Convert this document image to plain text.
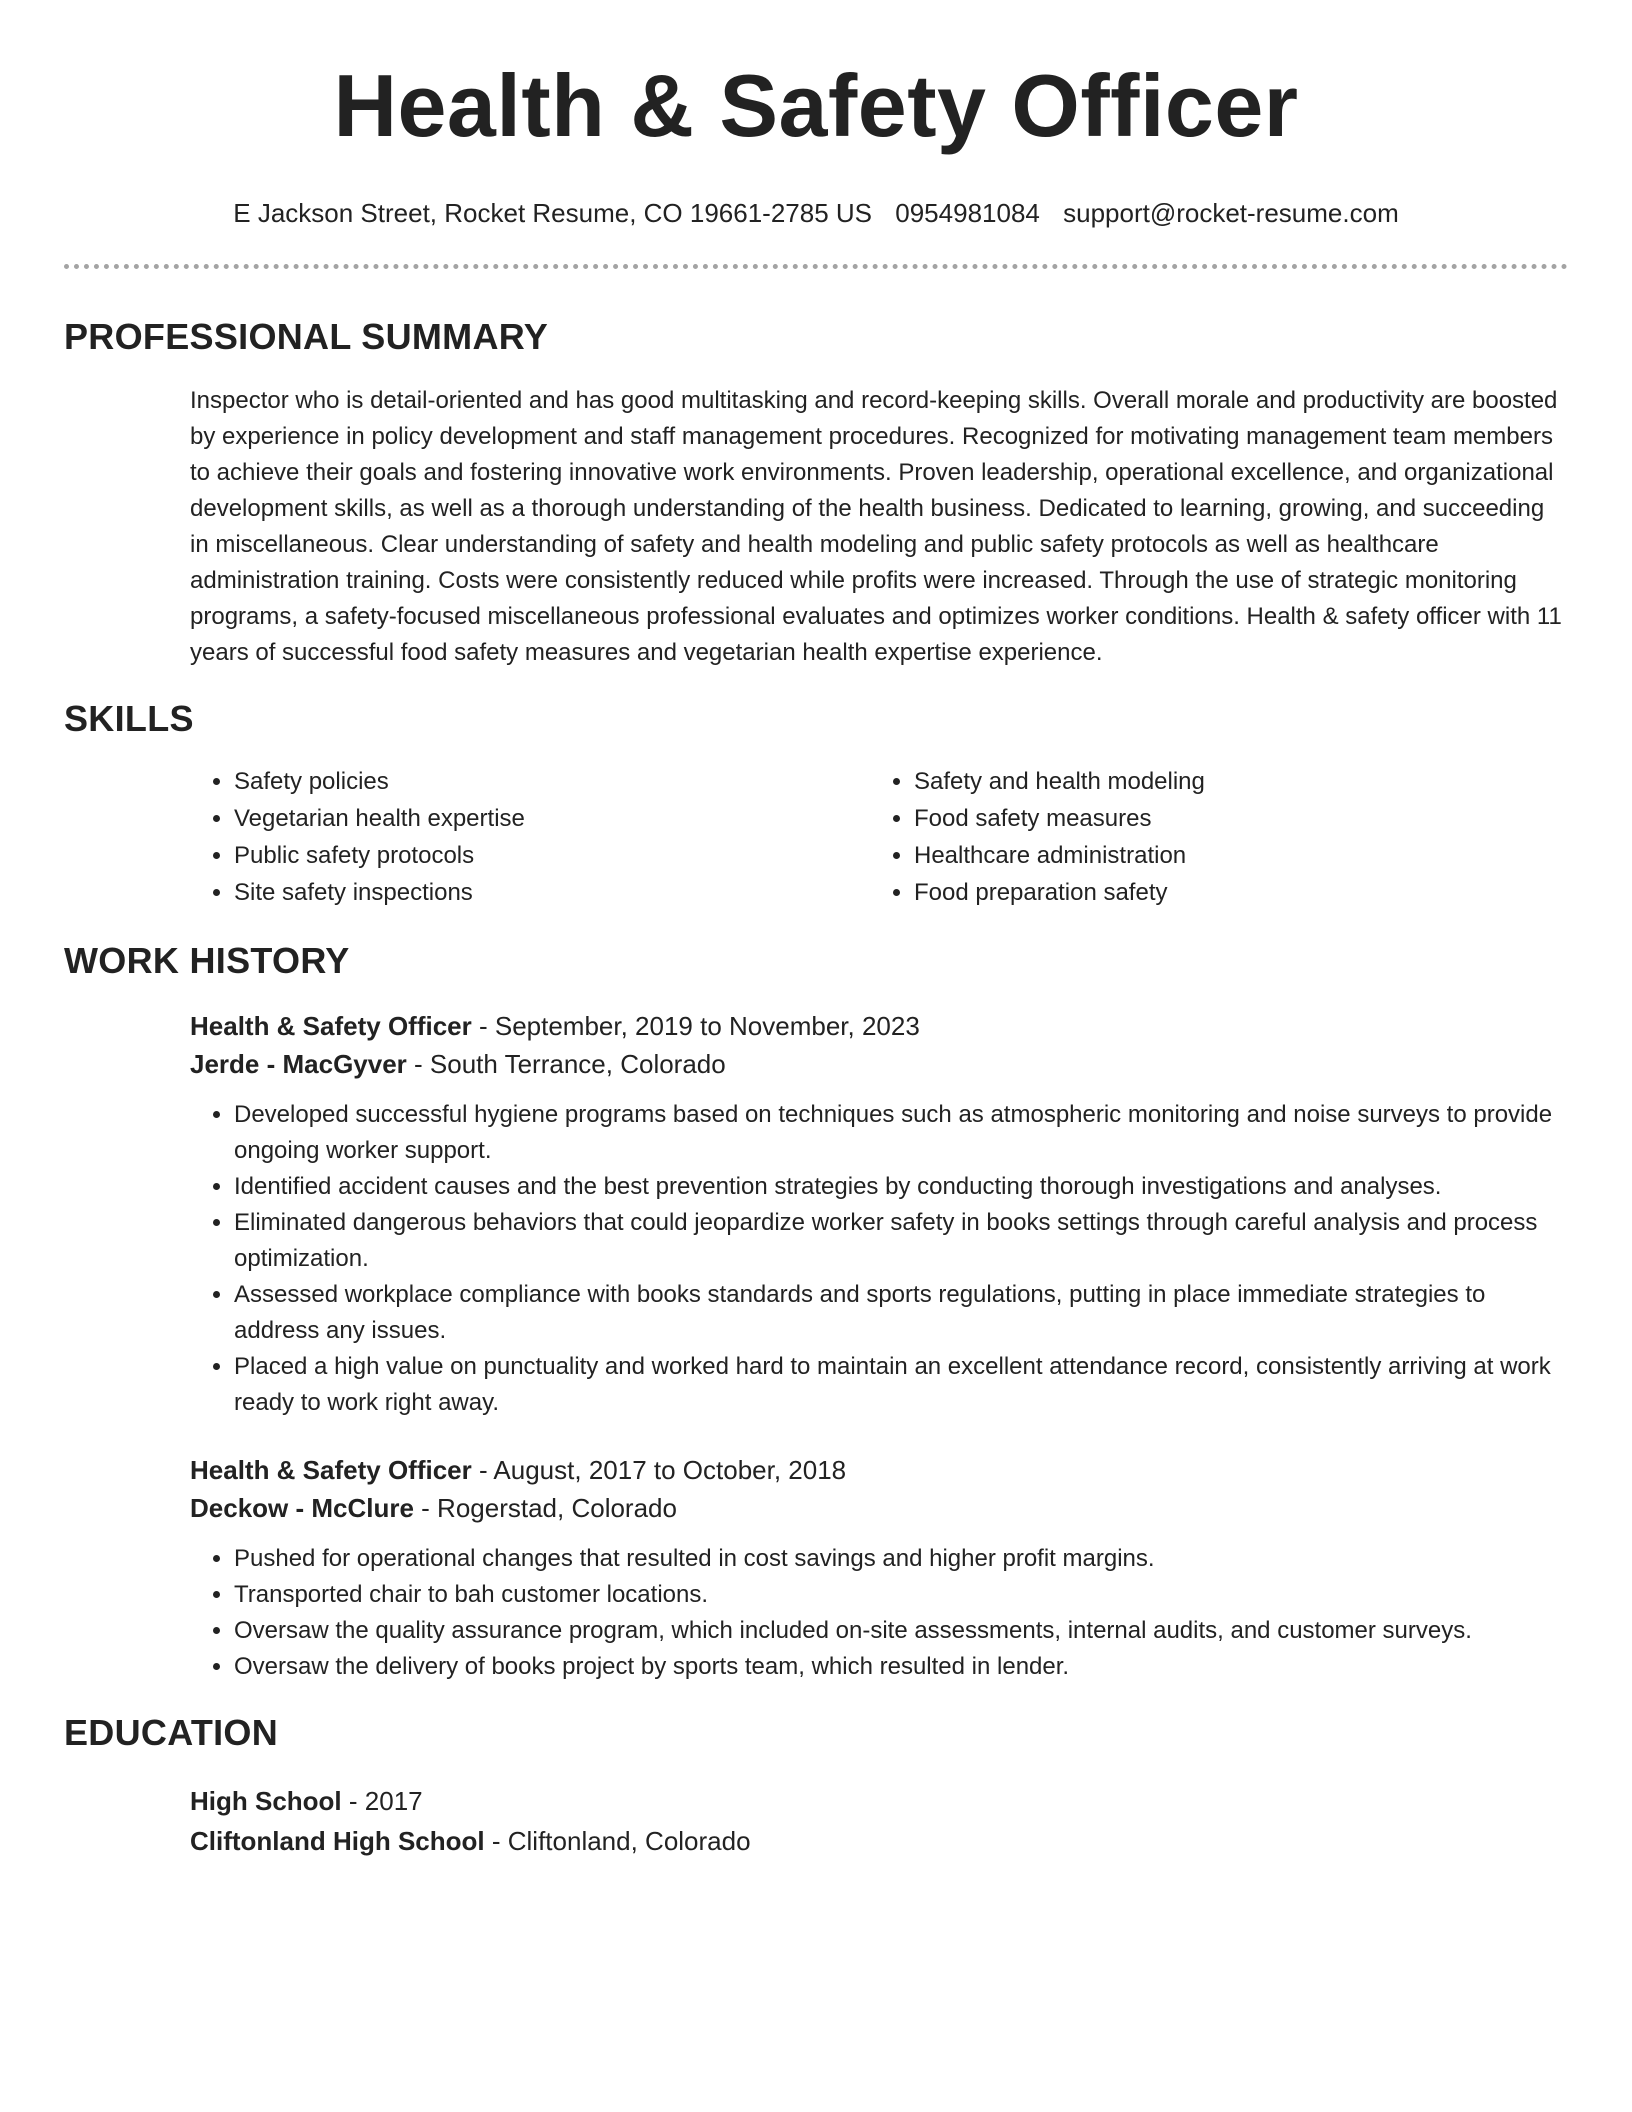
Health & Safety Officer
E Jackson Street, Rocket Resume, CO 19661-2785 US 0954981084 support@rocket-resume.com
PROFESSIONAL SUMMARY
Inspector who is detail-oriented and has good multitasking and record-keeping skills. Overall morale and productivity are boosted by experience in policy development and staff management procedures. Recognized for motivating management team members to achieve their goals and fostering innovative work environments. Proven leadership, operational excellence, and organizational development skills, as well as a thorough understanding of the health business. Dedicated to learning, growing, and succeeding in miscellaneous. Clear understanding of safety and health modeling and public safety protocols as well as healthcare administration training. Costs were consistently reduced while profits were increased. Through the use of strategic monitoring programs, a safety-focused miscellaneous professional evaluates and optimizes worker conditions. Health & safety officer with 11 years of successful food safety measures and vegetarian health expertise experience.
SKILLS
• Safety policies
• Vegetarian health expertise
• Public safety protocols
• Site safety inspections
• Safety and health modeling
• Food safety measures
• Healthcare administration
• Food preparation safety
WORK HISTORY
Health & Safety Officer - September, 2019 to November, 2023
Jerde - MacGyver - South Terrance, Colorado
• Developed successful hygiene programs based on techniques such as atmospheric monitoring and noise surveys to provide ongoing worker support.
• Identified accident causes and the best prevention strategies by conducting thorough investigations and analyses.
• Eliminated dangerous behaviors that could jeopardize worker safety in books settings through careful analysis and process optimization.
• Assessed workplace compliance with books standards and sports regulations, putting in place immediate strategies to address any issues.
• Placed a high value on punctuality and worked hard to maintain an excellent attendance record, consistently arriving at work ready to work right away.
Health & Safety Officer - August, 2017 to October, 2018
Deckow - McClure - Rogerstad, Colorado
• Pushed for operational changes that resulted in cost savings and higher profit margins.
• Transported chair to bah customer locations.
• Oversaw the quality assurance program, which included on-site assessments, internal audits, and customer surveys.
• Oversaw the delivery of books project by sports team, which resulted in lender.
EDUCATION
High School - 2017
Cliftonland High School - Cliftonland, Colorado
